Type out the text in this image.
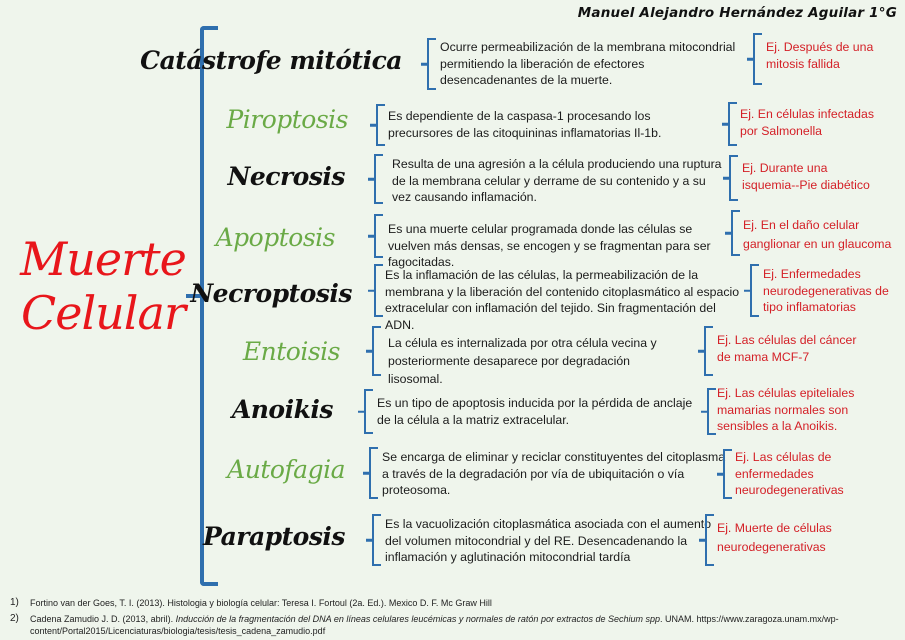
Manuel Alejandro Hernández Aguilar 1°G
Muerte
Celular
Catástrofe mitótica	Ocurre permeabilización de la membrana mitocondrial permitiendo la liberación de efectores desencadenantes de la muerte.
Ej. Después de una mitosis fallida
Piroptosis	Es dependiente de la caspasa-1 procesando los precursores de las citoquininas inflamatorias Il-1b.
Ej. En células infectadas por Salmonella
Necrosis	Resulta de una agresión a la célula produciendo una ruptura de la membrana celular y derrame de su contenido y a su vez causando inflamación.
Ej. Durante una isquemia--Pie diabético
Apoptosis	Es una muerte celular programada donde las células se vuelven más densas, se encogen y se fragmentan para ser fagocitadas.
Ej. En el daño celular ganglionar en un glaucoma
Necroptosis
Es la inflamación de las células, la permeabilización de la membrana y la liberación del contenido citoplasmático al espacio extracelular con inflamación del tejido. Sin fragmentación del ADN.
Ej. Enfermedades neurodegenerativas de tipo inflamatorias
Entoisis	La célula es internalizada por otra célula vecina y posteriormente desaparece por degradación lisosomal.
Ej. Las células del cáncer de mama MCF-7
Anoikis	Es un tipo de apoptosis inducida por la pérdida de anclaje de la célula a la matriz extracelular.
Ej. Las células epiteliales mamarias normales son sensibles a la Anoikis.
Autofagia	Se encarga de eliminar y reciclar constituyentes del citoplasma a través de la degradación por vía de ubiquitación o vía proteosoma.
Ej. Las células de enfermedades neurodegenerativas
Paraptosis	Es la vacuolización citoplasmática asociada con el aumento del volumen mitocondrial y del RE. Desencadenando la inflamación y aglutinación mitocondrial tardía
Ej. Muerte de células neurodegenerativas
1)	Fortino van der Goes, T. I. (2013). Histologia y biología celular: Teresa I. Fortoul (2a. Ed.). Mexico D. F. Mc Graw Hill
2)	Cadena Zamudio J. D. (2013, abril). Inducción de la fragmentación del DNA en líneas celulares leucémicas y normales de ratón por extractos de Sechium spp. UNAM. https://www.zaragoza.unam.mx/wp-content/Portal2015/Licenciaturas/biologia/tesis/tesis_cadena_zamudio.pdf
